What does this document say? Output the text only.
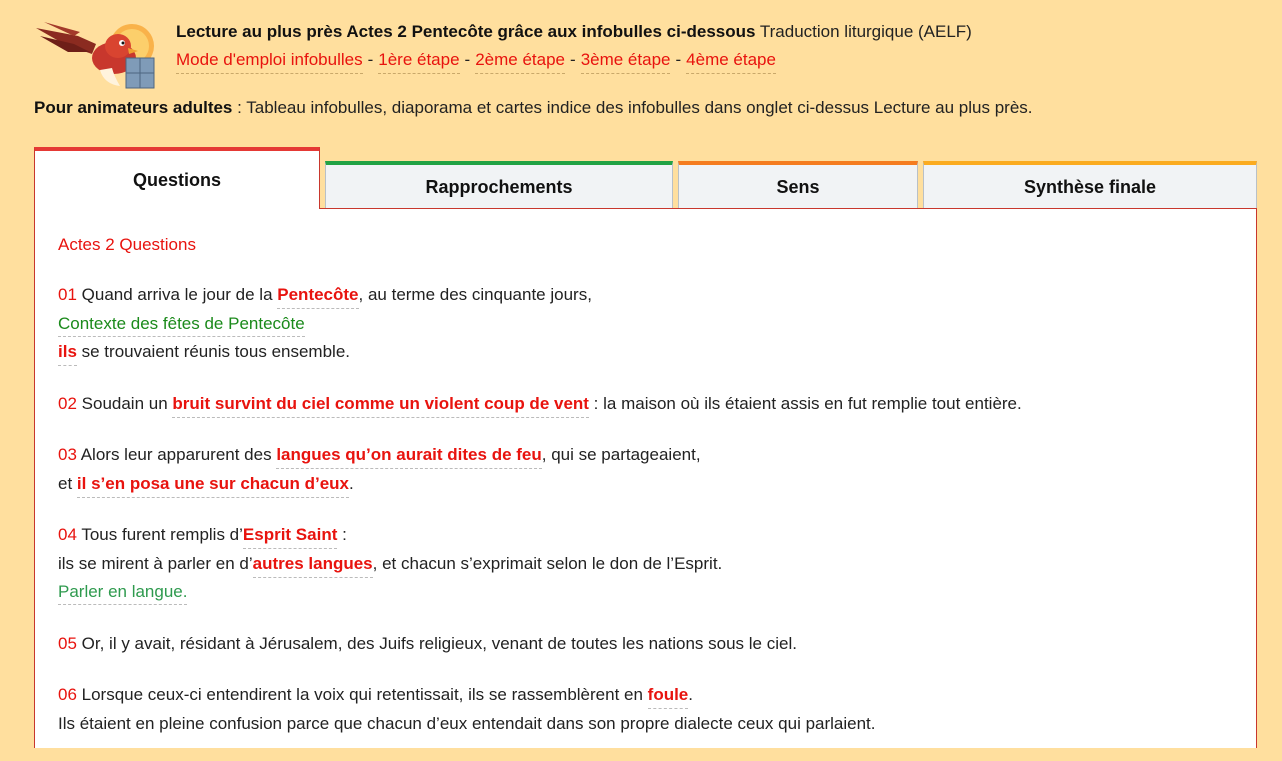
Lecture au plus près Actes 2 Pentecôte grâce aux infobulles ci-dessous Traduction liturgique (AELF)
Mode d'emploi infobulles - 1ère étape - 2ème étape - 3ème étape - 4ème étape
Pour animateurs adultes : Tableau infobulles, diaporama et cartes indice des infobulles dans onglet ci-dessus Lecture au plus près.
Questions	Rapprochements	Sens	Synthèse finale
Actes 2 Questions
01 Quand arriva le jour de la Pentecôte, au terme des cinquante jours,
Contexte des fêtes de Pentecôte
ils se trouvaient réunis tous ensemble.
02 Soudain un bruit survint du ciel comme un violent coup de vent : la maison où ils étaient assis en fut remplie tout entière.
03 Alors leur apparurent des langues qu’on aurait dites de feu, qui se partageaient,
et il s’en posa une sur chacun d’eux.
04 Tous furent remplis d’Esprit Saint :
ils se mirent à parler en d’autres langues, et chacun s’exprimait selon le don de l’Esprit.
Parler en langue.
05 Or, il y avait, résidant à Jérusalem, des Juifs religieux, venant de toutes les nations sous le ciel.
06 Lorsque ceux-ci entendirent la voix qui retentissait, ils se rassemblèrent en foule.
Ils étaient en pleine confusion parce que chacun d’eux entendait dans son propre dialecte ceux qui parlaient.
